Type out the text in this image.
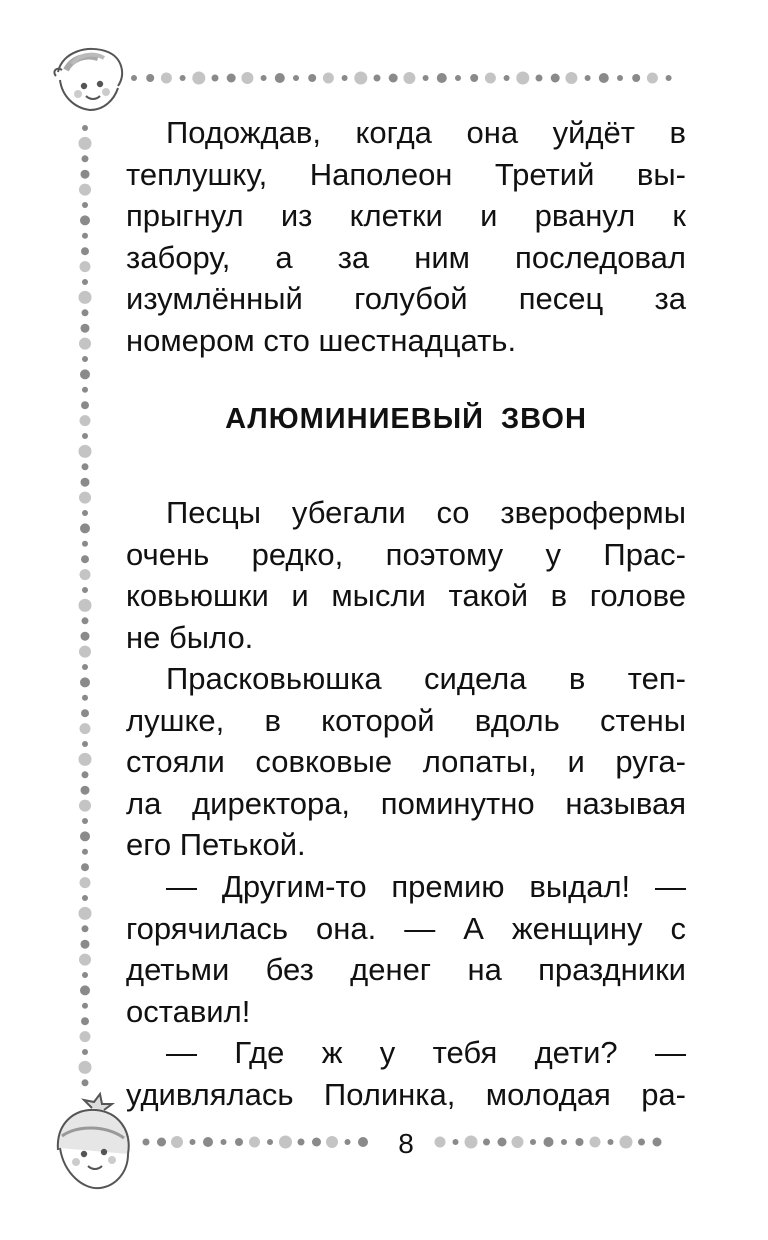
Подождав, когда она уйдёт в
теплушку, Наполеон Третий вы-
прыгнул из клетки и рванул к
забору, а за ним последовал
изумлённый голубой песец за
номером сто шестнадцать.
АЛЮМИНИЕВЫЙ ЗВОН
Песцы убегали со зверофермы
очень редко, поэтому у Прас-
ковьюшки и мысли такой в голове
не было.
Прасковьюшка сидела в теп-
лушке, в которой вдоль стены
стояли совковые лопаты, и руга-
ла директора, поминутно называя
его Петькой.
— Другим-то премию выдал! —
горячилась она. — А женщину с
детьми без денег на праздники
оставил!
— Где ж у тебя дети? —
удивлялась Полинка, молодая ра-
8
